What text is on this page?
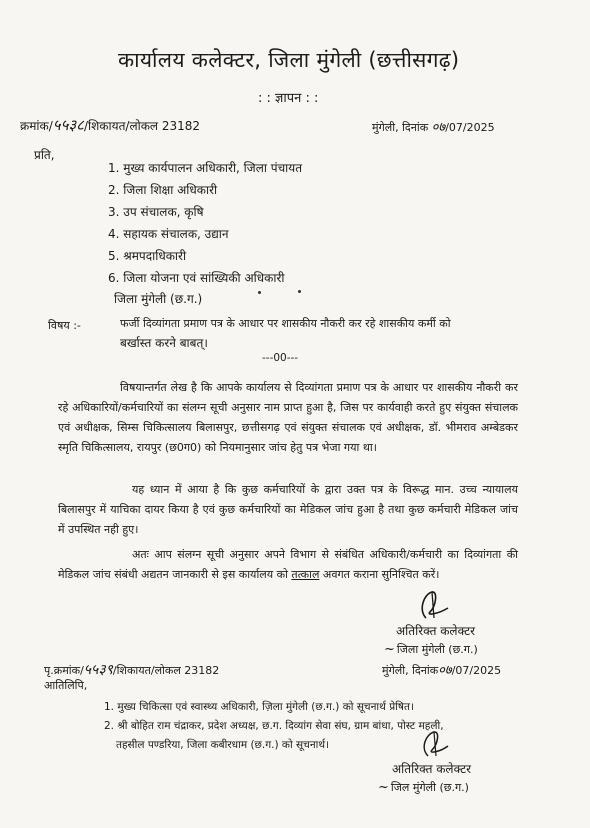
कार्यालय कलेक्टर, जिला मुंगेली (छत्तीसगढ़)
: : ज्ञापन : :
क्रमांक/५५३८/शिकायत/लोकल 23182	मुंगेली, दिनांक ०७/07/2025
प्रति,
1. मुख्य कार्यपालन अधिकारी, जिला पंचायत
2. जिला शिक्षा अधिकारी
3. उप संचालक, कृषि
4. सहायक संचालक, उद्यान
5. श्रमपदाधिकारी
6. जिला योजना एवं सांख्यिकी अधिकारी
जिला मुंगेली (छ.ग.)
विषय :-	फर्जी दिव्यांगता प्रमाण पत्र के आधार पर शासकीय नौकरी कर रहे शासकीय कर्मी को
बर्खास्त करने बाबत्।
---00---
विषयान्तर्गत लेख है कि आपके कार्यालय से दिव्यांगता प्रमाण पत्र के आधार पर शासकीय नौकरी कर रहे अधिकारियों/कर्मचारियों का संलग्न सूची अनुसार नाम प्राप्त हुआ है, जिस पर कार्यवाही करते हुए संयुक्त संचालक एवं अधीक्षक, सिम्स चिकित्सालय बिलासपुर, छत्तीसगढ़ एवं संयुक्त संचालक एवं अधीक्षक, डॉ. भीमराव अम्बेडकर स्मृति चिकित्सालय, रायपुर (छ0ग0) को नियमानुसार जांच हेतु पत्र भेजा गया था।
यह ध्यान में आया है कि कुछ कर्मचारियों के द्वारा उक्त पत्र के विरूद्ध मान. उच्च न्यायालय बिलासपुर में याचिका दायर किया है एवं कुछ कर्मचारियों का मेडिकल जांच हुआ है तथा कुछ कर्मचारी मेडिकल जांच में उपस्थित नही हुए।
अतः आप संलग्न सूची अनुसार अपने विभाग से संबंधित अधिकारी/कर्मचारी का दिव्यांगता की मेडिकल जांच संबंधी अद्यतन जानकारी से इस कार्यालय को तत्काल अवगत कराना सुनिश्चित करें।
अतिरिक्त कलेक्टर
~ जिला मुंगेली (छ.ग.)
पृ.क्रमांक/५५३९/शिकायत/लोकल 23182	मुंगेली, दिनांक०७/07/2025
आतिलिपि,
1. मुख्य चिकित्सा एवं स्वास्थ्य अधिकारी, ज़िला मुंगेली (छ.ग.) को सूचनार्थ प्रेषित।
2. श्री बोहित राम चंद्राकर, प्रदेश अध्यक्ष, छ.ग. दिव्यांग सेवा संघ, ग्राम बांधा, पोस्ट महली,
तहसील पण्डरिया, जिला कबीरधाम (छ.ग.) को सूचनार्थ।
अतिरिक्त कलेक्टर
~ जिल मुंगेली (छ.ग.)
